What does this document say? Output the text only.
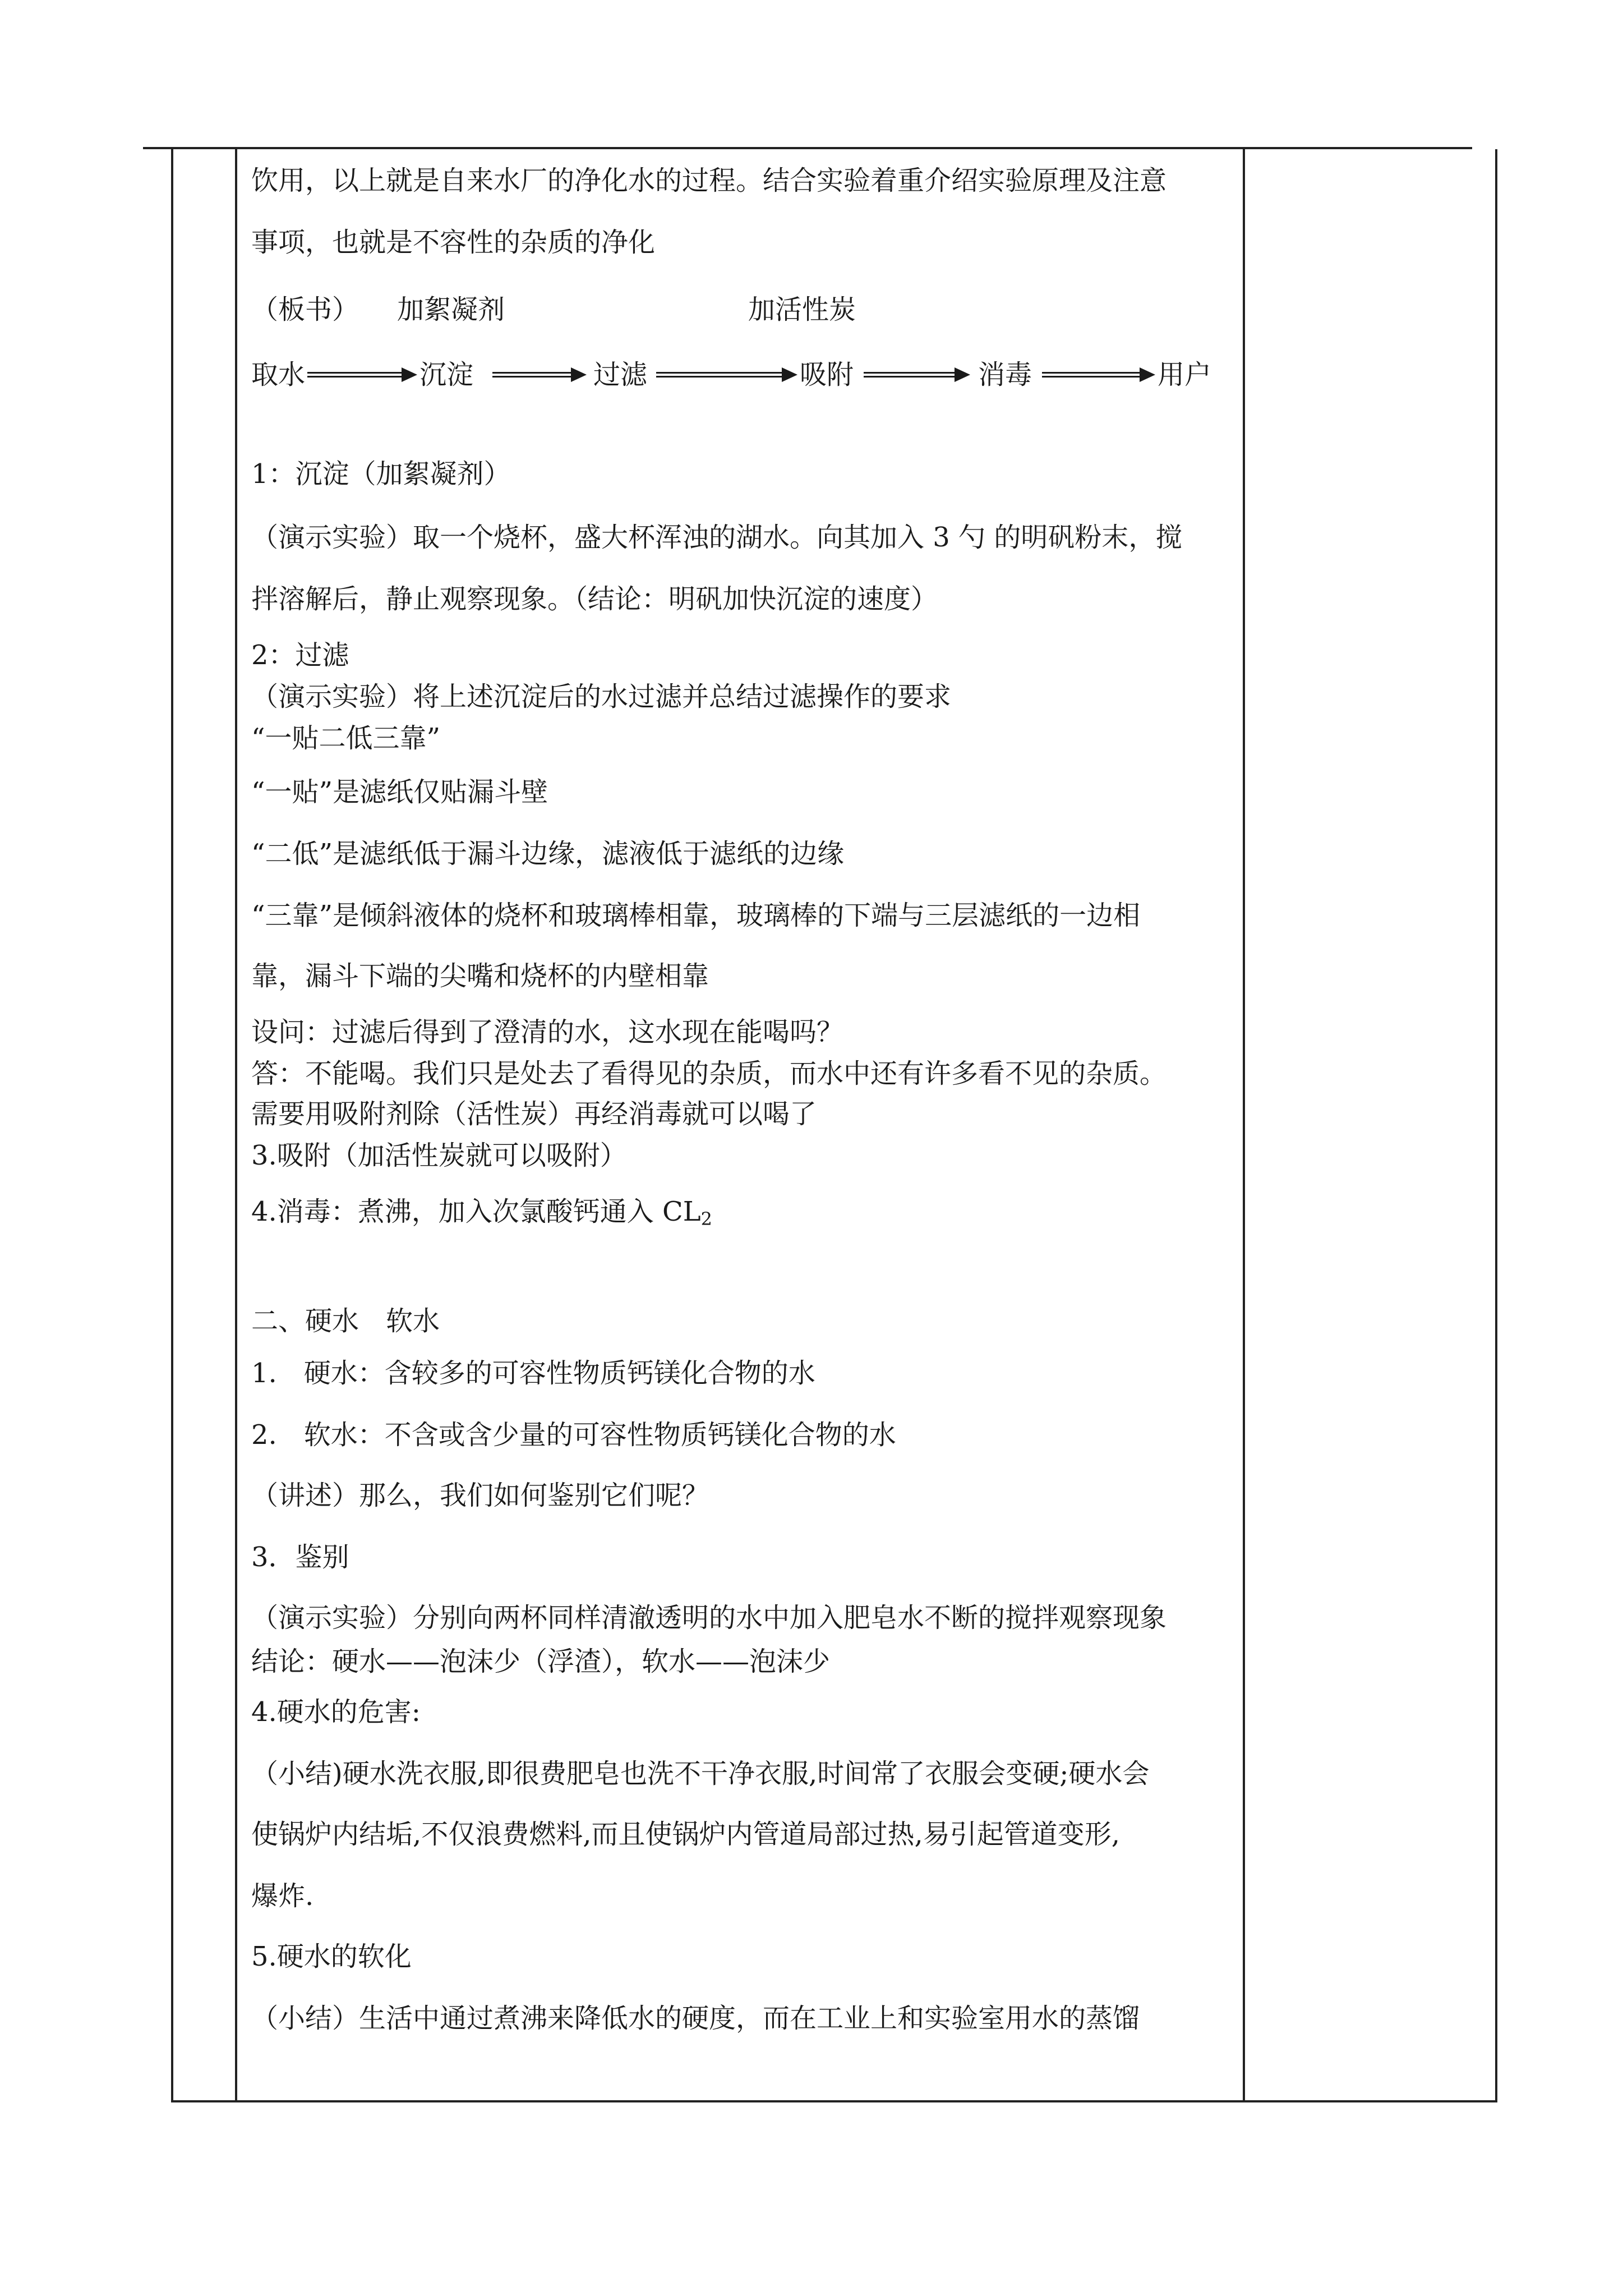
饮用，以上就是自来水厂的净化水的过程。结合实验着重介绍实验原理及注意
事项，也就是不容性的杂质的净化
（板书） 加絮凝剂	加活性炭
取水	沉淀	过滤	吸附	消毒	用户
1：沉淀（加絮凝剂）
（演示实验）取一个烧杯，盛大杯浑浊的湖水。向其加入 3 勺 的明矾粉末，搅
拌溶解后，静止观察现象。（结论：明矾加快沉淀的速度）
2：过滤
（演示实验）将上述沉淀后的水过滤并总结过滤操作的要求
“一贴二低三靠”
“一贴”是滤纸仅贴漏斗壁
“二低”是滤纸低于漏斗边缘，滤液低于滤纸的边缘
“三靠”是倾斜液体的烧杯和玻璃棒相靠，玻璃棒的下端与三层滤纸的一边相
靠，漏斗下端的尖嘴和烧杯的内壁相靠
设问：过滤后得到了澄清的水，这水现在能喝吗？
答：不能喝。我们只是处去了看得见的杂质，而水中还有许多看不见的杂质。
需要用吸附剂除（活性炭）再经消毒就可以喝了
3.吸附（加活性炭就可以吸附）
4.消毒：煮沸，加入次氯酸钙通入 $CL_2$
二、硬水　软水
1.　硬水：含较多的可容性物质钙镁化合物的水
2.　软水：不含或含少量的可容性物质钙镁化合物的水
（讲述）那么，我们如何鉴别它们呢？
3．鉴别
（演示实验）分别向两杯同样清澈透明的水中加入肥皂水不断的搅拌观察现象
结论：硬水——泡沫少（浮渣），软水——泡沫少
4.硬水的危害:
（小结)硬水洗衣服,即很费肥皂也洗不干净衣服,时间常了衣服会变硬;硬水会
使锅炉内结垢,不仅浪费燃料,而且使锅炉内管道局部过热,易引起管道变形,
爆炸.
5.硬水的软化
（小结）生活中通过煮沸来降低水的硬度，而在工业上和实验室用水的蒸馏
